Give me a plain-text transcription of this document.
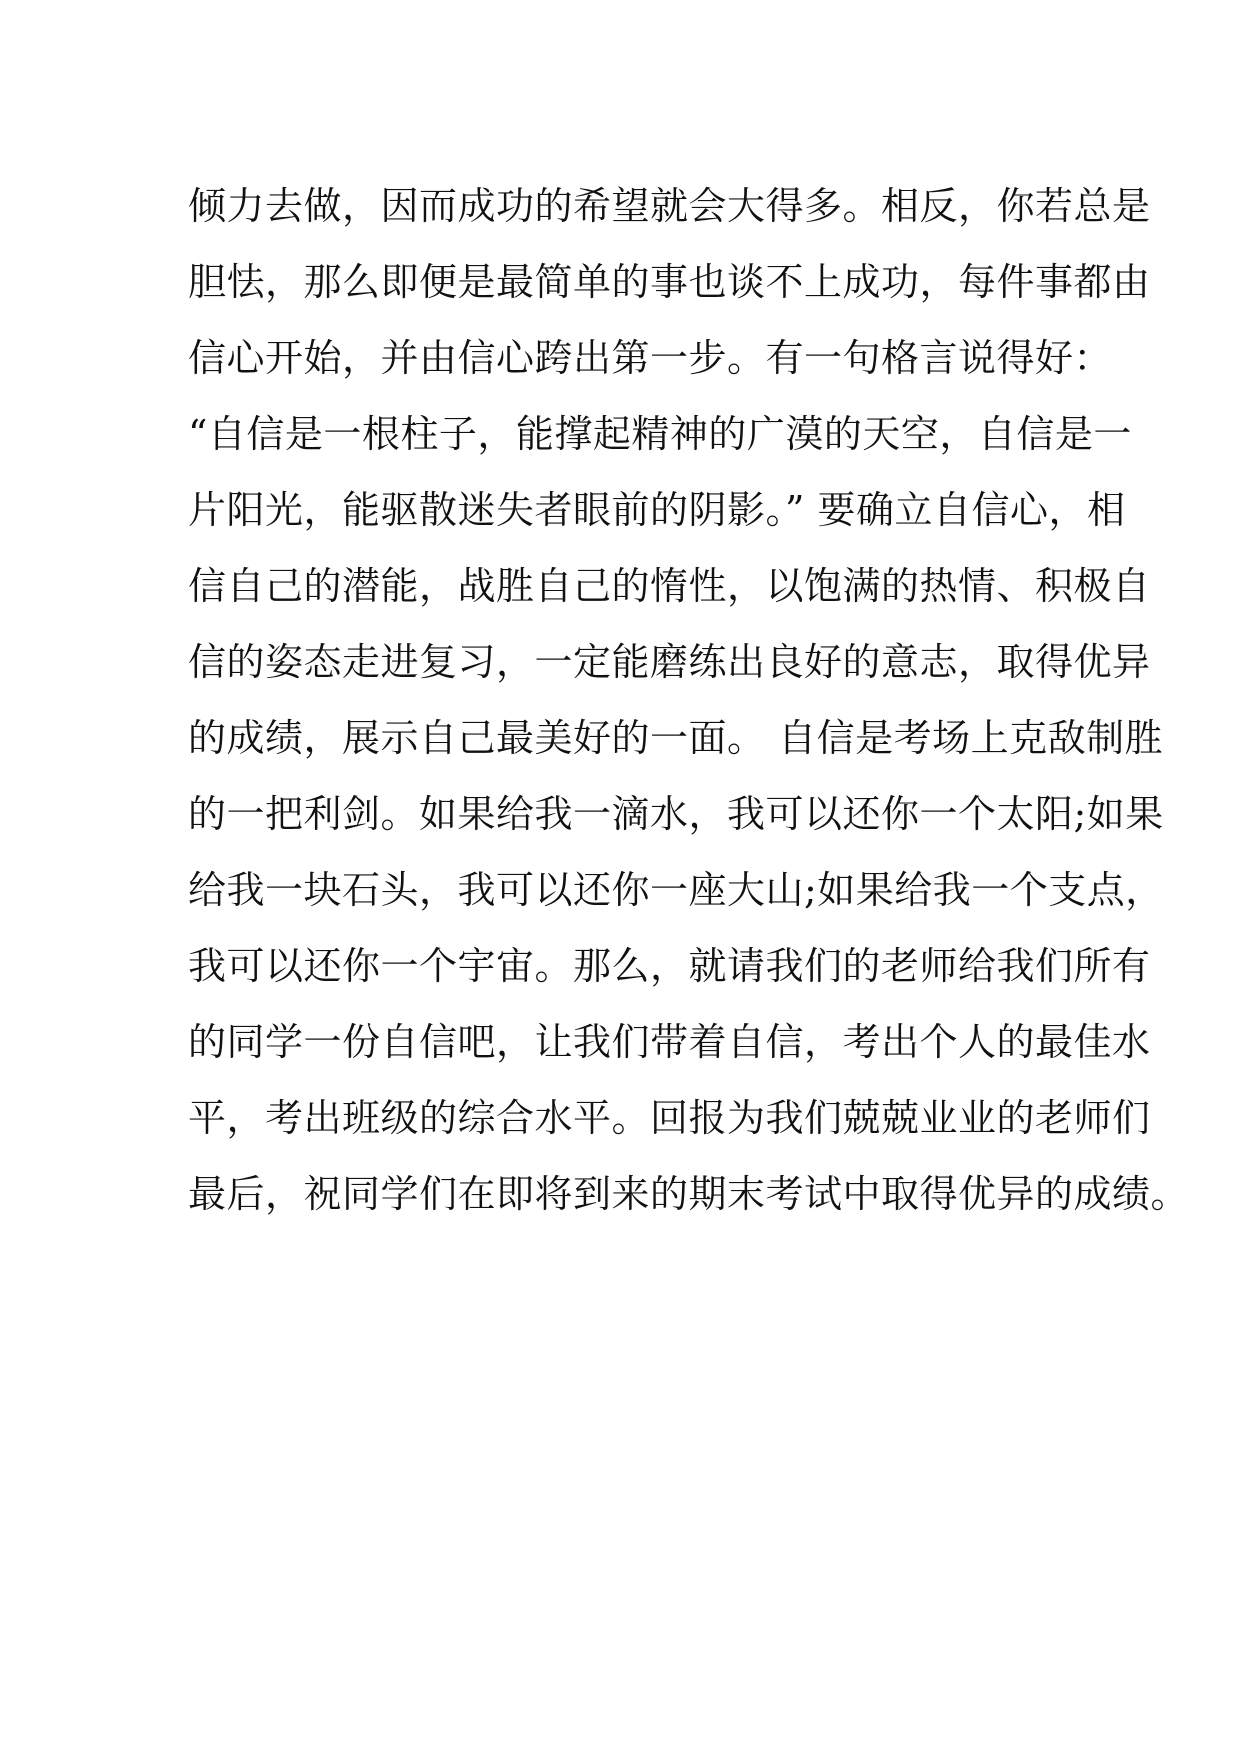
倾力去做，因而成功的希望就会大得多。相反，你若总是
胆怯，那么即便是最简单的事也谈不上成功，每件事都由
信心开始，并由信心跨出第一步。有一句格言说得好：
“自信是一根柱子，能撑起精神的广漠的天空，自信是一
片阳光，能驱散迷失者眼前的阴影。” 要确立自信心，相
信自己的潜能，战胜自己的惰性，以饱满的热情、积极自
信的姿态走进复习，一定能磨练出良好的意志，取得优异
的成绩，展示自己最美好的一面。 自信是考场上克敌制胜
的一把利剑。如果给我一滴水，我可以还你一个太阳;如果
给我一块石头，我可以还你一座大山;如果给我一个支点，
我可以还你一个宇宙。那么，就请我们的老师给我们所有
的同学一份自信吧，让我们带着自信，考出个人的最佳水
平，考出班级的综合水平。回报为我们兢兢业业的老师们
最后，祝同学们在即将到来的期末考试中取得优异的成绩。
